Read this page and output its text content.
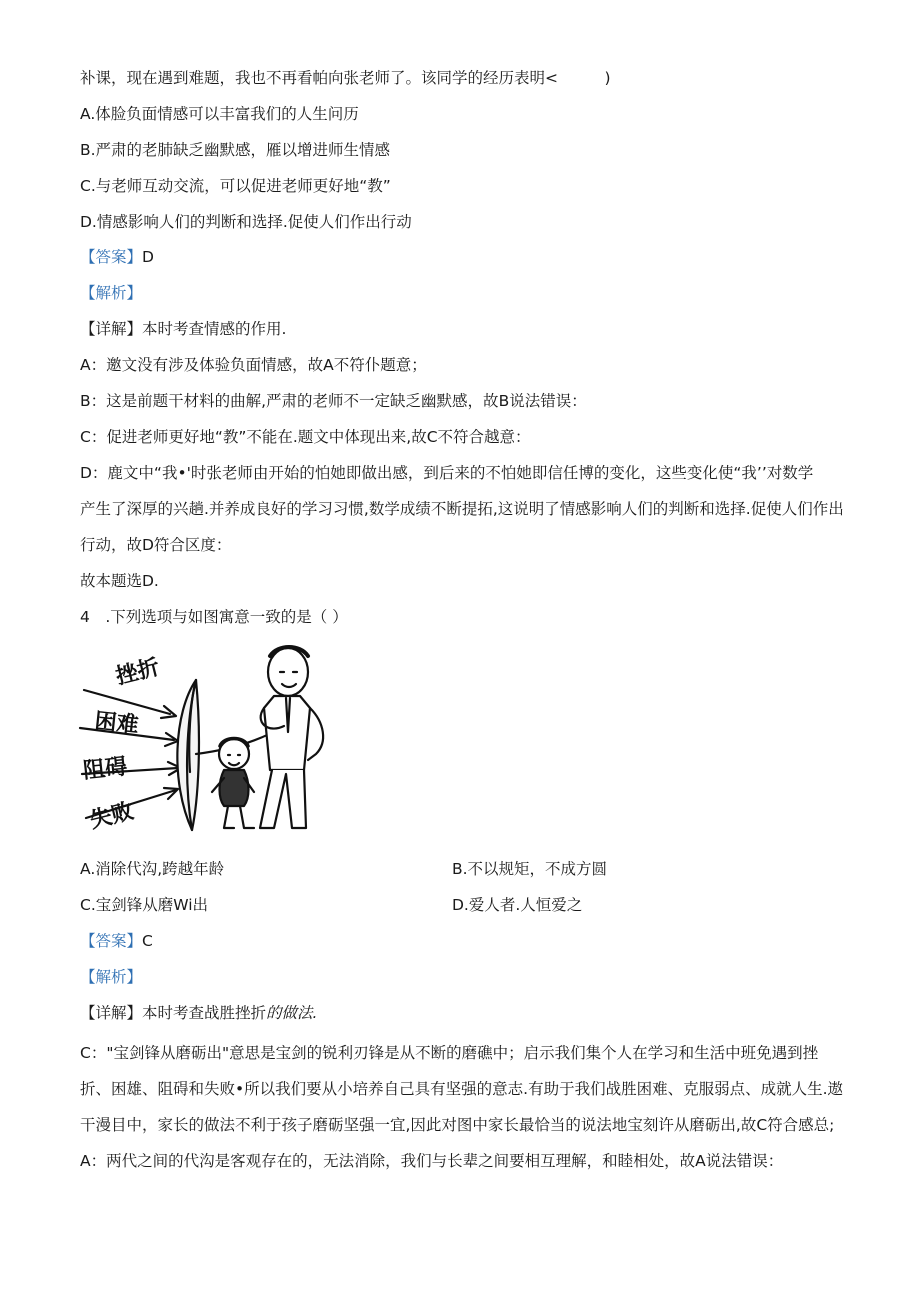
补课，现在遇到难题，我也不再看帕向张老师了。该同学的经历表明<　　　)
A.体脸负面情感可以丰富我们的人生问历
B.严肃的老肺缺乏幽默感，雁以增进师生情感
C.与老师互动交流，可以促进老师更好地“教”
D.情感影响人们的判断和选择.促使人们作出行动
【答案】D
【解析】
【详解】本时考查情感的作用.
A：邀文没有涉及体验负面情感，故A不符仆题意；
B：这是前题干材料的曲解,严肃的老师不一定缺乏幽默感，故B说法错误：
C：促进老师更好地“教”不能在.题文中体现出来,故C不符合越意：
D：鹿文中“我•'时张老师由开始的怕她即做出感，到后来的不怕她即信任博的变化，这些变化使“我’’对数学
产生了深厚的兴趟.并养成良好的学习习惯,数学成绩不断提拓,这说明了情感影响人们的判断和选择.促使人们作出
行动，故D符合区度：
故本题选D.
4　.下列选项与如图寓意一致的是（ ）
挫折
困难
阻碍
失败
A.消除代沟,跨越年龄	B.不以规矩，不成方圆
C.宝剑锋从磨Wi出	D.爱人者.人恒爱之
【答案】C
【解析】
【详解】本时考查战胜挫折的做法.
C："宝剑锋从磨砺出"意思是宝剑的锐利刃锋是从不断的磨礁中；启示我们集个人在学习和生活中班免遇到挫
折、困雄、阻碍和失败•所以我们要从小培养自己具有坚强的意志.有助于我们战胜困难、克服弱点、成就人生.遨
干漫目中，家长的做法不利于孩子磨砺坚强一宜,因此对图中家长最恰当的说法地宝刻许从磨砺出,故C符合感总;
A：两代之间的代沟是客观存在的，无法消除，我们与长辈之间要相互理解，和睦相处，故A说法错误：
